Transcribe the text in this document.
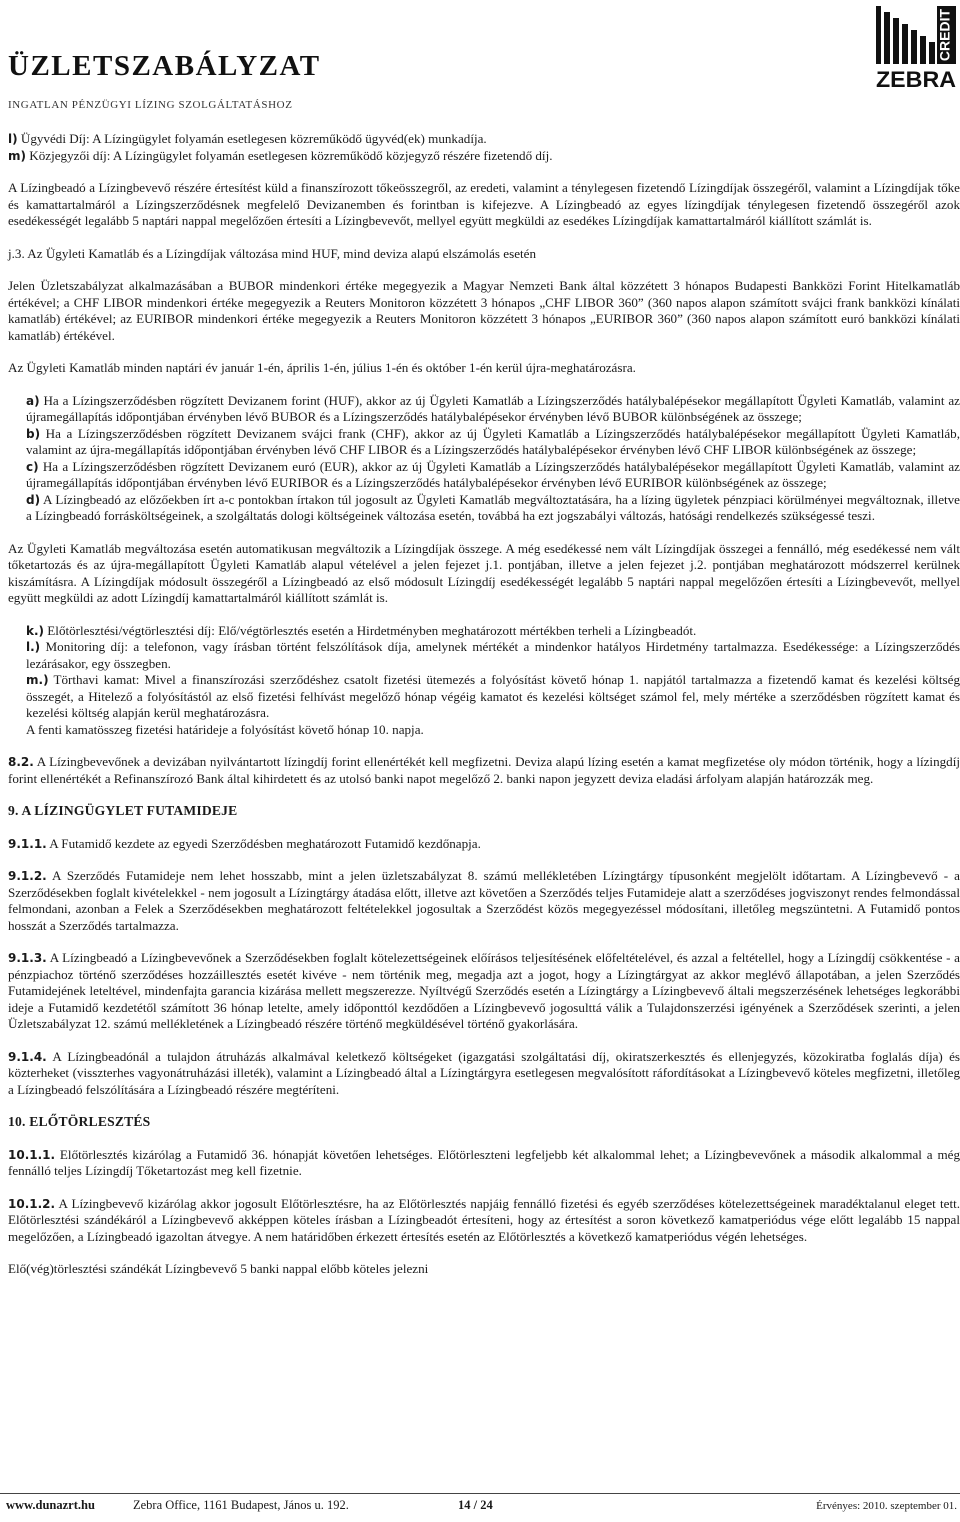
ÜZLETSZABÁLYZAT

INGATLAN PÉNZÜGYI LÍZING SZOLGÁLTATÁSHOZ

CREDIT
ZEBRA

l) Ügyvédi Díj: A Lízingügylet folyamán esetlegesen közreműködő ügyvéd(ek) munkadíja.

m) Közjegyzői díj: A Lízingügylet folyamán esetlegesen közreműködő közjegyző részére fizetendő díj.

A Lízingbeadó a Lízingbevevő részére értesítést küld a finanszírozott tőkeösszegről, az eredeti, valamint a ténylegesen fizetendő Lízingdíjak összegéről, valamint a Lízingdíjak tőke és kamattartalmáról a Lízingszerződésnek megfelelő Devizanemben és forintban is kifejezve. A Lízingbeadó az egyes lízingdíjak ténylegesen fizetendő összegéről azok esedékességét legalább 5 naptári nappal megelőzően értesíti a Lízingbevevőt, mellyel együtt megküldi az esedékes Lízingdíjak kamattartalmáról kiállított számlát is.

j.3. Az Ügyleti Kamatláb és a Lízingdíjak változása mind HUF, mind deviza alapú elszámolás esetén

Jelen Üzletszabályzat alkalmazásában a BUBOR mindenkori értéke megegyezik a Magyar Nemzeti Bank által közzétett 3 hónapos Budapesti Bankközi Forint Hitelkamatláb értékével; a CHF LIBOR mindenkori értéke megegyezik a Reuters Monitoron közzétett 3 hónapos „CHF LIBOR 360” (360 napos alapon számított svájci frank bankközi kínálati kamatláb) értékével; az EURIBOR mindenkori értéke megegyezik a Reuters Monitoron közzétett 3 hónapos „EURIBOR 360” (360 napos alapon számított euró bankközi kínálati kamatláb) értékével.

Az Ügyleti Kamatláb minden naptári év január 1-én, április 1-én, július 1-én és október 1-én kerül újra-meghatározásra.

a) Ha a Lízingszerződésben rögzített Devizanem forint (HUF), akkor az új Ügyleti Kamatláb a Lízingszerződés hatálybalépésekor megállapított Ügyleti Kamatláb, valamint az újramegállapítás időpontjában érvényben lévő BUBOR és a Lízingszerződés hatálybalépésekor érvényben lévő BUBOR különbségének az összege;

b) Ha a Lízingszerződésben rögzített Devizanem svájci frank (CHF), akkor az új Ügyleti Kamatláb a Lízingszerződés hatálybalépésekor megállapított Ügyleti Kamatláb, valamint az újra-megállapítás időpontjában érvényben lévő CHF LIBOR és a Lízingszerződés hatálybalépésekor érvényben lévő CHF LIBOR különbségének az összege;

c) Ha a Lízingszerződésben rögzített Devizanem euró (EUR), akkor az új Ügyleti Kamatláb a Lízingszerződés hatálybalépésekor megállapított Ügyleti Kamatláb, valamint az újramegállapítás időpontjában érvényben lévő EURIBOR és a Lízingszerződés hatálybalépésekor érvényben lévő EURIBOR különbségének az összege;

d) A Lízingbeadó az előzőekben írt a-c pontokban írtakon túl jogosult az Ügyleti Kamatláb megváltoztatására, ha a lízing ügyletek pénzpiaci körülményei megváltoznak, illetve a Lízingbeadó forrásköltségeinek, a szolgáltatás dologi költségeinek változása esetén, továbbá ha ezt jogszabályi változás, hatósági rendelkezés szükségessé teszi.

Az Ügyleti Kamatláb megváltozása esetén automatikusan megváltozik a Lízingdíjak összege. A még esedékessé nem vált Lízingdíjak összegei a fennálló, még esedékessé nem vált tőketartozás és az újra-megállapított Ügyleti Kamatláb alapul vételével a jelen fejezet j.1. pontjában, illetve a jelen fejezet j.2. pontjában meghatározott módszerrel kerülnek kiszámításra. A Lízingdíjak módosult összegéről a Lízingbeadó az első módosult Lízingdíj esedékességét legalább 5 naptári nappal megelőzően értesíti a Lízingbevevőt, mellyel együtt megküldi az adott Lízingdíj kamattartalmáról kiállított számlát is.

k.) Előtörlesztési/végtörlesztési díj: Elő/végtörlesztés esetén a Hirdetményben meghatározott mértékben terheli a Lízingbeadót.

l.) Monitoring díj: a telefonon, vagy írásban történt felszólítások díja, amelynek mértékét a mindenkor hatályos Hirdetmény tartalmazza. Esedékessége: a Lízingszerződés lezárásakor, egy összegben.

m.) Törthavi kamat: Mivel a finanszírozási szerződéshez csatolt fizetési ütemezés a folyósítást követő hónap 1. napjától tartalmazza a fizetendő kamat és kezelési költség összegét, a Hitelező a folyósítástól az első fizetési felhívást megelőző hónap végéig kamatot és kezelési költséget számol fel, mely mértéke a szerződésben rögzített kamat és kezelési költség alapján kerül meghatározásra.

A fenti kamatösszeg fizetési határideje a folyósítást követő hónap 10. napja.

8.2. A Lízingbevevőnek a devizában nyilvántartott lízingdíj forint ellenértékét kell megfizetni. Deviza alapú lízing esetén a kamat megfizetése oly módon történik, hogy a lízingdíj forint ellenértékét a Refinanszírozó Bank által kihirdetett és az utolsó banki napot megelőző 2. banki napon jegyzett deviza eladási árfolyam alapján határozzák meg.

9. A LÍZINGÜGYLET FUTAMIDEJE

9.1.1. A Futamidő kezdete az egyedi Szerződésben meghatározott Futamidő kezdőnapja.

9.1.2. A Szerződés Futamideje nem lehet hosszabb, mint a jelen üzletszabályzat 8. számú mellékletében Lízingtárgy típusonként megjelölt időtartam. A Lízingbevevő - a Szerződésekben foglalt kivételekkel - nem jogosult a Lízingtárgy átadása előtt, illetve azt követően a Szerződés teljes Futamideje alatt a szerződéses jogviszonyt rendes felmondással felmondani, azonban a Felek a Szerződésekben meghatározott feltételekkel jogosultak a Szerződést közös megegyezéssel módosítani, illetőleg megszüntetni. A Futamidő pontos hosszát a Szerződés tartalmazza.

9.1.3. A Lízingbeadó a Lízingbevevőnek a Szerződésekben foglalt kötelezettségeinek előírásos teljesítésének előfeltételével, és azzal a feltétellel, hogy a Lízingdíj csökkentése - a pénzpiachoz történő szerződéses hozzáillesztés esetét kivéve - nem történik meg, megadja azt a jogot, hogy a Lízingtárgyat az akkor meglévő állapotában, a jelen Szerződés Futamidejének leteltével, mindenfajta garancia kizárása mellett megszerezze. Nyíltvégű Szerződés esetén a Lízingtárgy a Lízingbevevő általi megszerzésének lehetséges legkorábbi ideje a Futamidő kezdetétől számított 36 hónap letelte, amely időponttól kezdődően a Lízingbevevő jogosulttá válik a Tulajdonszerzési igényének a Szerződések szerinti, a jelen Üzletszabályzat 12. számú mellékletének a Lízingbeadó részére történő megküldésével történő gyakorlására.

9.1.4. A Lízingbeadónál a tulajdon átruházás alkalmával keletkező költségeket (igazgatási szolgáltatási díj, okiratszerkesztés és ellenjegyzés, közokiratba foglalás díja) és közterheket (visszterhes vagyonátruházási illeték), valamint a Lízingbeadó által a Lízingtárgyra esetlegesen megvalósított ráfordításokat a Lízingbevevő köteles megfizetni, illetőleg a Lízingbeadó felszólítására a Lízingbeadó részére megtéríteni.

10. ELŐTÖRLESZTÉS

10.1.1. Előtörlesztés kizárólag a Futamidő 36. hónapját követően lehetséges. Előtörleszteni legfeljebb két alkalommal lehet; a Lízingbevevőnek a második alkalommal a még fennálló teljes Lízingdíj Tőketartozást meg kell fizetnie.

10.1.2. A Lízingbevevő kizárólag akkor jogosult Előtörlesztésre, ha az Előtörlesztés napjáig fennálló fizetési és egyéb szerződéses kötelezettségeinek maradéktalanul eleget tett. Előtörlesztési szándékáról a Lízingbevevő akképpen köteles írásban a Lízingbeadót értesíteni, hogy az értesítést a soron következő kamatperiódus vége előtt legalább 15 nappal megelőzően, a Lízingbeadó igazoltan átvegye. A nem határidőben érkezett értesítés esetén az Előtörlesztés a következő kamatperiódus végén lehetséges.

Elő(vég)törlesztési szándékát Lízingbevevő 5 banki nappal előbb köteles jelezni

www.dunazrt.hu	Zebra Office, 1161 Budapest, János u. 192.	14 / 24	Érvényes: 2010. szeptember 01.
